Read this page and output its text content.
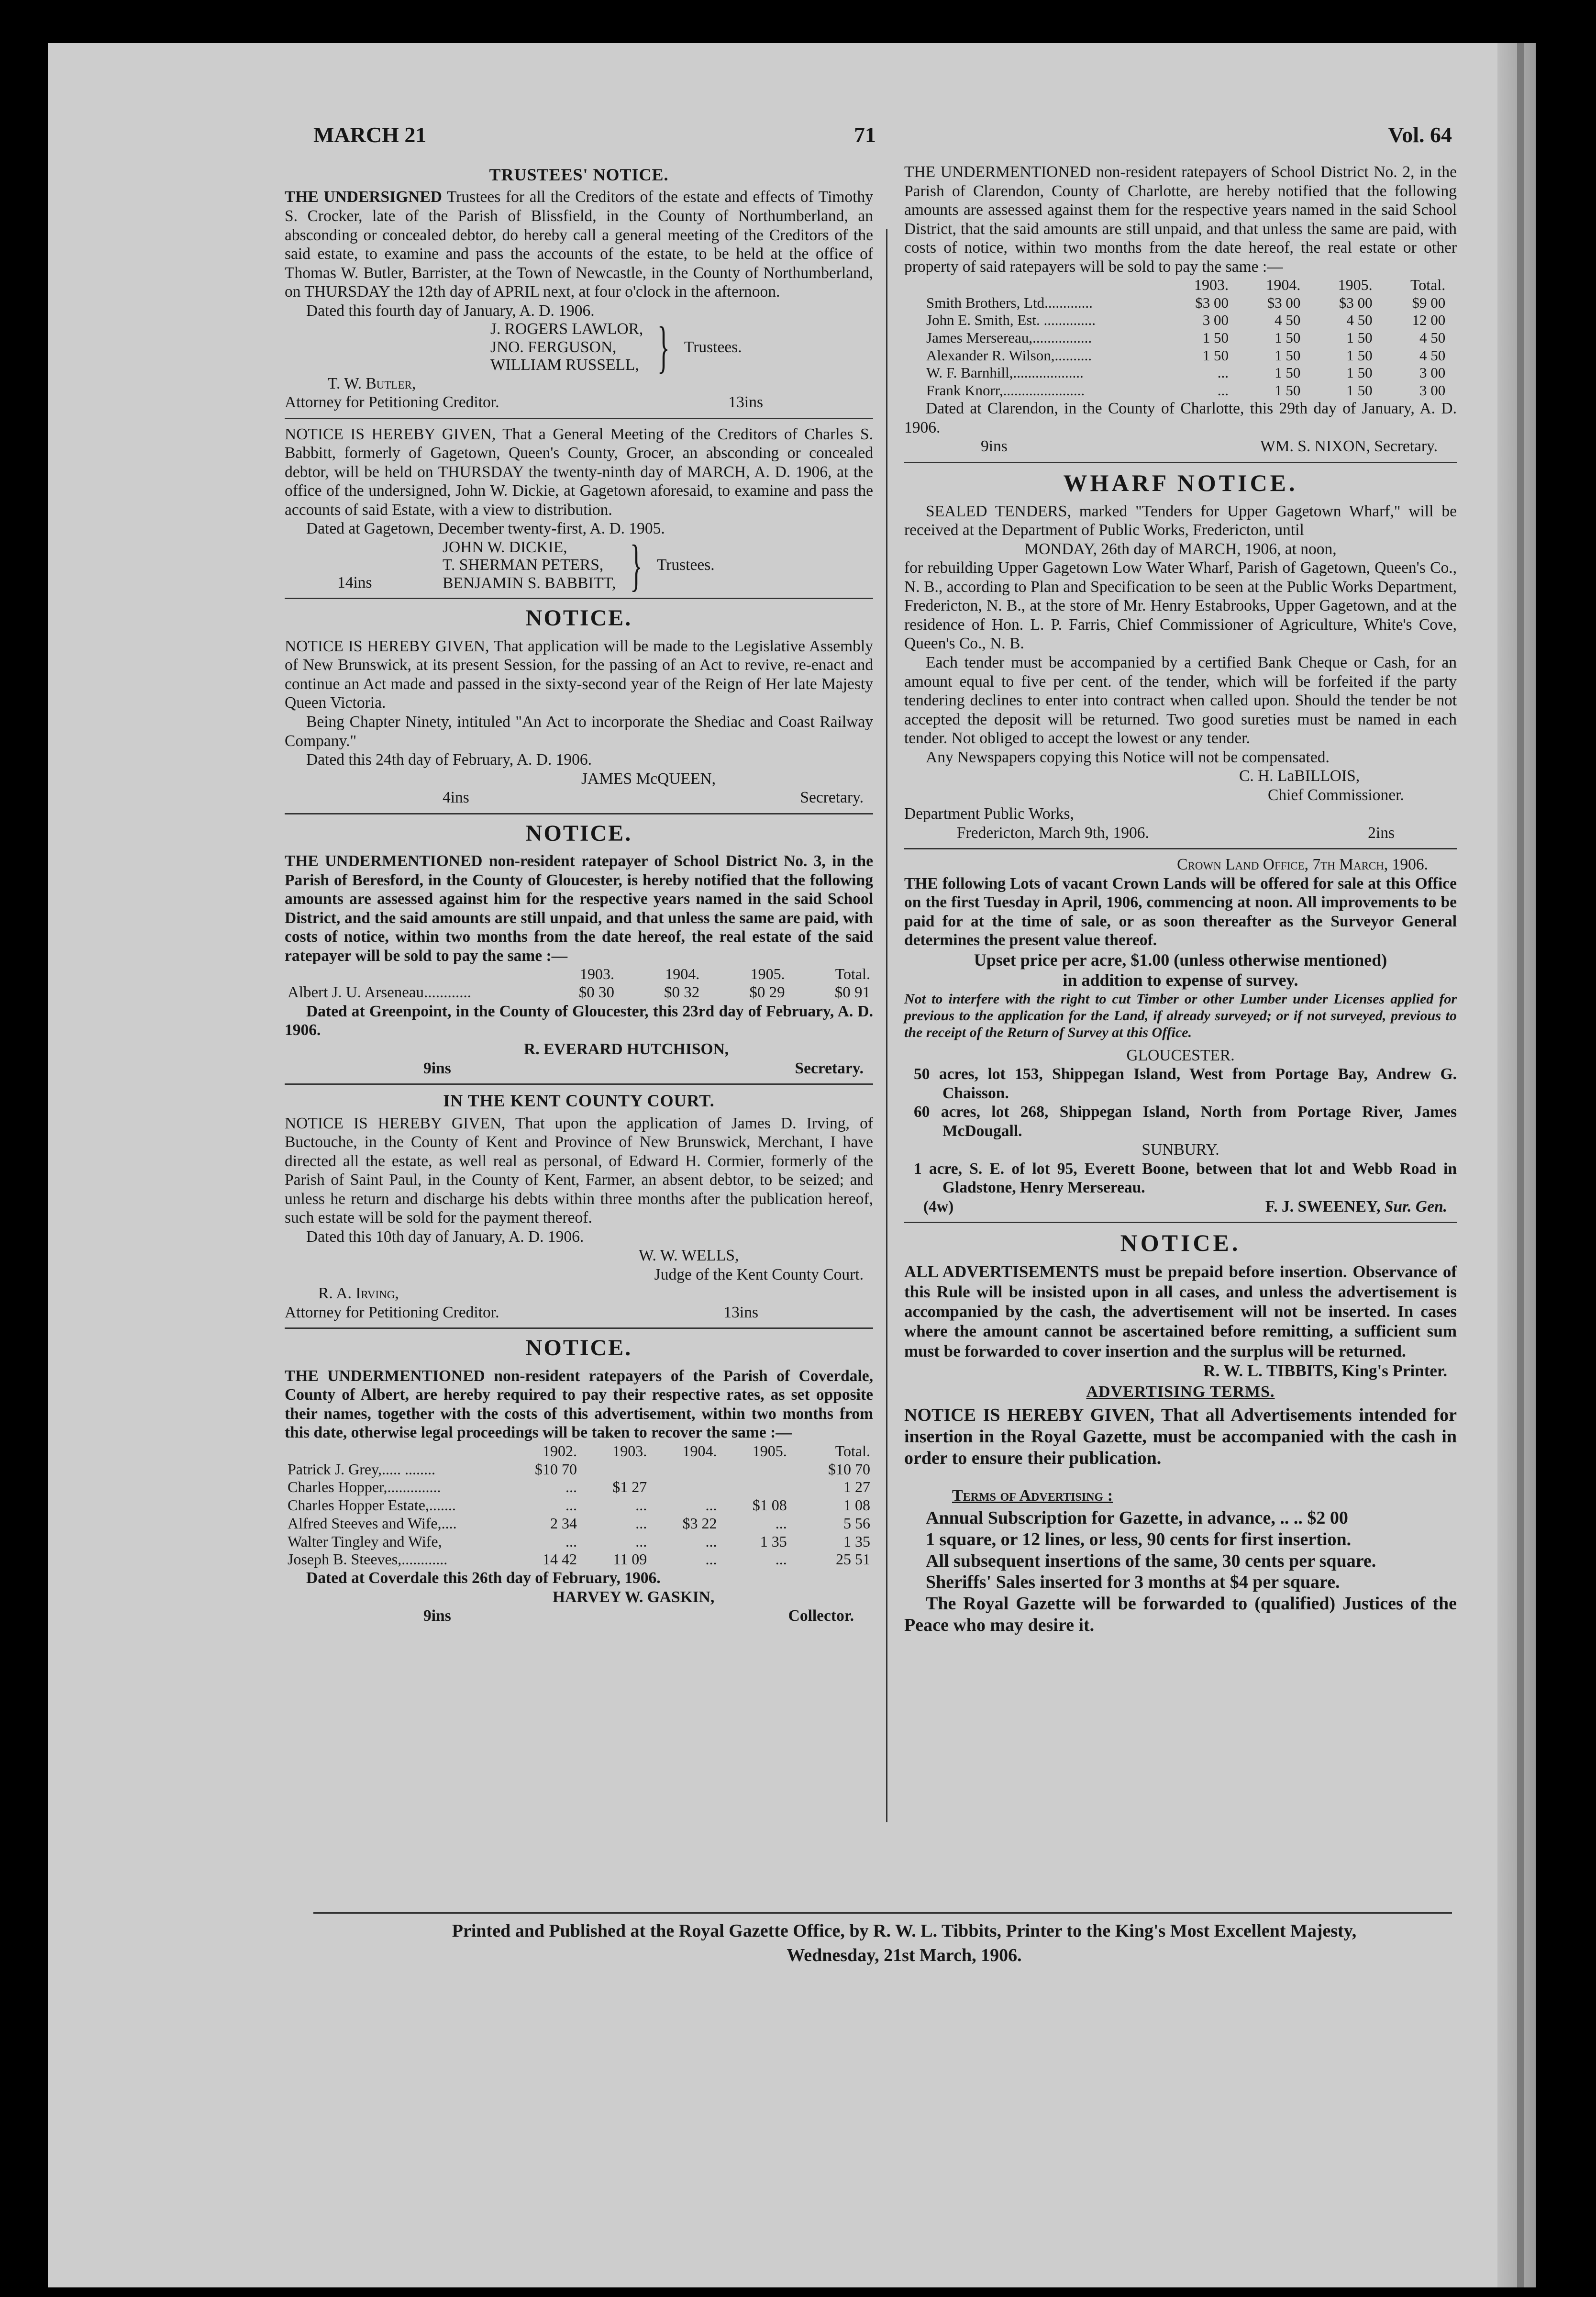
MARCH 21	71	Vol. 64
TRUSTEES' NOTICE.

THE UNDERSIGNED Trustees for all the Creditors of the estate and effects of Timothy S. Crocker, late of the Parish of Blissfield, in the County of Northumberland, an absconding or concealed debtor, do hereby call a general meeting of the Creditors of the said estate, to examine and pass the accounts of the estate, to be held at the office of Thomas W. Butler, Barrister, at the Town of Newcastle, in the County of Northumberland, on THURSDAY the 12th day of APRIL next, at four o'clock in the afternoon.

Dated this fourth day of January, A. D. 1906.

J. ROGERS LAWLOR,
JNO. FERGUSON,
WILLIAM RUSSELL, } Trustees.

T. W. Butler,

Attorney for Petitioning Creditor.	13ins

NOTICE IS HEREBY GIVEN, That a General Meeting of the Creditors of Charles S. Babbitt, formerly of Gagetown, Queen's County, Grocer, an absconding or concealed debtor, will be held on THURSDAY the twenty-ninth day of MARCH, A. D. 1906, at the office of the undersigned, John W. Dickie, at Gagetown aforesaid, to examine and pass the accounts of said Estate, with a view to distribution.

Dated at Gagetown, December twenty-first, A. D. 1905.

14ins
JOHN W. DICKIE,
T. SHERMAN PETERS,
BENJAMIN S. BABBITT, } Trustees.
NOTICE.

NOTICE IS HEREBY GIVEN, That application will be made to the Legislative Assembly of New Brunswick, at its present Session, for the passing of an Act to revive, re-enact and continue an Act made and passed in the sixty-second year of the Reign of Her late Majesty Queen Victoria.

Being Chapter Ninety, intituled "An Act to incorporate the Shediac and Coast Railway Company."

Dated this 24th day of February, A. D. 1906.

JAMES McQUEEN,

4ins	Secretary.
NOTICE.

THE UNDERMENTIONED non-resident ratepayer of School District No. 3, in the Parish of Beresford, in the County of Gloucester, is hereby notified that the following amounts are assessed against him for the respective years named in the said School District, and the said amounts are still unpaid, and that unless the same are paid, with costs of notice, within two months from the date hereof, the real estate of the said ratepayer will be sold to pay the same :—

	1903.	1904.	1905.	Total.
Albert J. U. Arseneau............	$0 30	$0 32	$0 29	$0 91

Dated at Greenpoint, in the County of Gloucester, this 23rd day of February, A. D. 1906.

R. EVERARD HUTCHISON,

9ins	Secretary.
IN THE KENT COUNTY COURT.

NOTICE IS HEREBY GIVEN, That upon the application of James D. Irving, of Buctouche, in the County of Kent and Province of New Brunswick, Merchant, I have directed all the estate, as well real as personal, of Edward H. Cormier, formerly of the Parish of Saint Paul, in the County of Kent, Farmer, an absent debtor, to be seized; and unless he return and discharge his debts within three months after the publication hereof, such estate will be sold for the payment thereof.

Dated this 10th day of January, A. D. 1906.

W. W. WELLS,

Judge of the Kent County Court.

R. A. Irving,

Attorney for Petitioning Creditor.	13ins
NOTICE.

THE UNDERMENTIONED non-resident ratepayers of the Parish of Coverdale, County of Albert, are hereby required to pay their respective rates, as set opposite their names, together with the costs of this advertisement, within two months from this date, otherwise legal proceedings will be taken to recover the same :—

	1902.	1903.	1904.	1905.	Total.
Patrick J. Grey,..... ........	$10 70				$10 70
Charles Hopper,..............	...	$1 27			1 27
Charles Hopper Estate,.......	...	...	...	$1 08	1 08
Alfred Steeves and Wife,....	2 34	...	$3 22	...	5 56
Walter Tingley and Wife,	...	...	...	1 35	1 35
Joseph B. Steeves,............	14 42	11 09	...	...	25 51

Dated at Coverdale this 26th day of February, 1906.

HARVEY W. GASKIN,

9ins	Collector.

THE UNDERMENTIONED non-resident ratepayers of School District No. 2, in the Parish of Clarendon, County of Charlotte, are hereby notified that the following amounts are assessed against them for the respective years named in the said School District, that the said amounts are still unpaid, and that unless the same are paid, with costs of notice, within two months from the date hereof, the real estate or other property of said ratepayers will be sold to pay the same :—

	1903.	1904.	1905.	Total.
Smith Brothers, Ltd.............	$3 00	$3 00	$3 00	$9 00
John E. Smith, Est. ..............	3 00	4 50	4 50	12 00
James Mersereau,................	1 50	1 50	1 50	4 50
Alexander R. Wilson,..........	1 50	1 50	1 50	4 50
W. F. Barnhill,...................	...	1 50	1 50	3 00
Frank Knorr,......................	...	1 50	1 50	3 00

Dated at Clarendon, in the County of Charlotte, this 29th day of January, A. D. 1906.

9ins	WM. S. NIXON, Secretary.
WHARF NOTICE.

SEALED TENDERS, marked "Tenders for Upper Gagetown Wharf," will be received at the Department of Public Works, Fredericton, until

MONDAY, 26th day of MARCH, 1906, at noon,

for rebuilding Upper Gagetown Low Water Wharf, Parish of Gagetown, Queen's Co., N. B., according to Plan and Specification to be seen at the Public Works Department, Fredericton, N. B., at the store of Mr. Henry Estabrooks, Upper Gagetown, and at the residence of Hon. L. P. Farris, Chief Commissioner of Agriculture, White's Cove, Queen's Co., N. B.

Each tender must be accompanied by a certified Bank Cheque or Cash, for an amount equal to five per cent. of the tender, which will be forfeited if the party tendering declines to enter into contract when called upon. Should the tender be not accepted the deposit will be returned. Two good sureties must be named in each tender. Not obliged to accept the lowest or any tender.

Any Newspapers copying this Notice will not be compensated.

C. H. LaBILLOIS,

Chief Commissioner.

Department Public Works,

Fredericton, March 9th, 1906.	2ins

Crown Land Office, 7th March, 1906.

THE following Lots of vacant Crown Lands will be offered for sale at this Office on the first Tuesday in April, 1906, commencing at noon. All improvements to be paid for at the time of sale, or as soon thereafter as the Surveyor General determines the present value thereof.

Upset price per acre, $1.00 (unless otherwise mentioned)

in addition to expense of survey.

Not to interfere with the right to cut Timber or other Lumber under Licenses applied for previous to the application for the Land, if already surveyed; or if not surveyed, previous to the receipt of the Return of Survey at this Office.

GLOUCESTER.

50 acres, lot 153, Shippegan Island, West from Portage Bay, Andrew G. Chaisson.

60 acres, lot 268, Shippegan Island, North from Portage River, James McDougall.

SUNBURY.

1 acre, S. E. of lot 95, Everett Boone, between that lot and Webb Road in Gladstone, Henry Mersereau.

(4w)	F. J. SWEENEY, Sur. Gen.
NOTICE.

ALL ADVERTISEMENTS must be prepaid before insertion. Observance of this Rule will be insisted upon in all cases, and unless the advertisement is accompanied by the cash, the advertisement will not be inserted. In cases where the amount cannot be ascertained before remitting, a sufficient sum must be forwarded to cover insertion and the surplus will be returned.

R. W. L. TIBBITS, King's Printer.

ADVERTISING TERMS.

NOTICE IS HEREBY GIVEN, That all Advertisements intended for insertion in the Royal Gazette, must be accompanied with the cash in order to ensure their publication.

Terms of Advertising :

Annual Subscription for Gazette, in advance, .. .. $2 00

1 square, or 12 lines, or less, 90 cents for first insertion.

All subsequent insertions of the same, 30 cents per square.

Sheriffs' Sales inserted for 3 months at $4 per square.

The Royal Gazette will be forwarded to (qualified) Justices of the Peace who may desire it.

Printed and Published at the Royal Gazette Office, by R. W. L. Tibbits, Printer to the King's Most Excellent Majesty,
Wednesday, 21st March, 1906.
